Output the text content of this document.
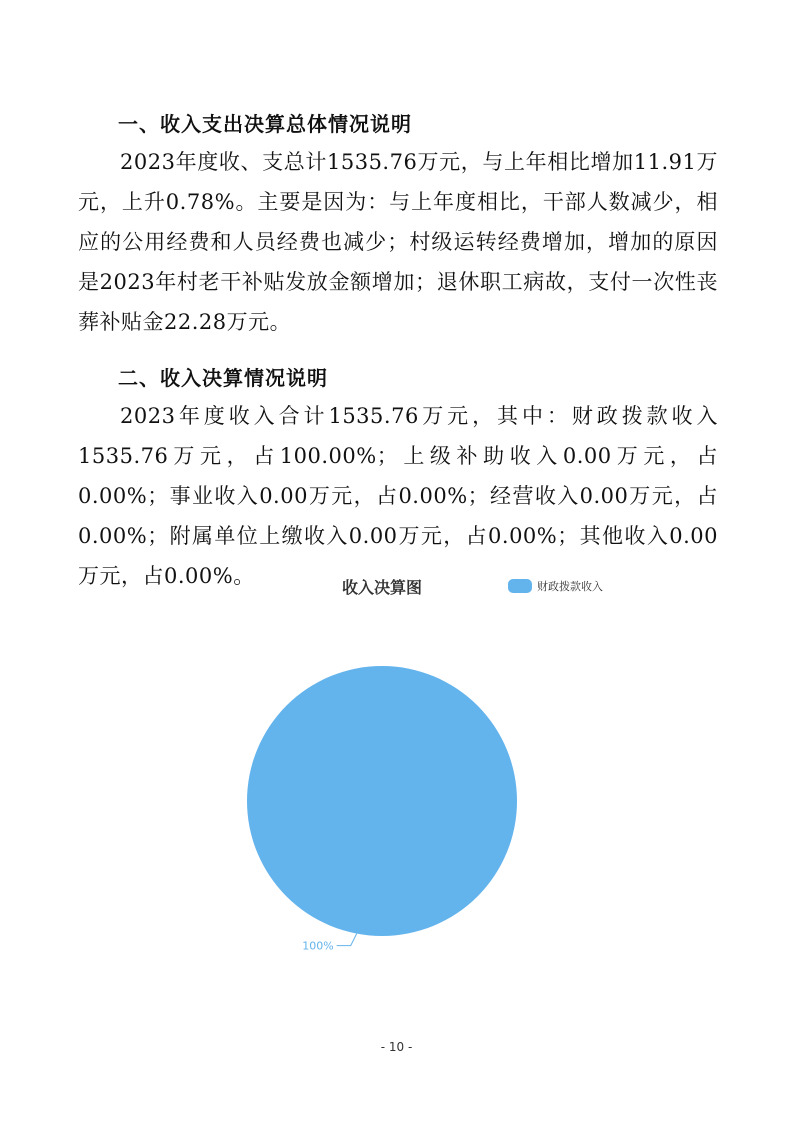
一、收入支出决算总体情况说明
2023年度收、支总计1535.76万元，与上年相比增加11.91万元，上升0.78%。主要是因为：与上年度相比，干部人数减少，相应的公用经费和人员经费也减少；村级运转经费增加，增加的原因是2023年村老干补贴发放金额增加；退休职工病故，支付一次性丧葬补贴金22.28万元。
二、收入决算情况说明
2023年度收入合计1535.76万元，其中：财政拨款收入1535.76万元，占100.00%；上级补助收入0.00万元，占0.00%；事业收入0.00万元，占0.00%；经营收入0.00万元，占0.00%；附属单位上缴收入0.00万元，占0.00%；其他收入0.00万元，占0.00%。	收入决算图	财政拨款收入
100%
- 10 -
